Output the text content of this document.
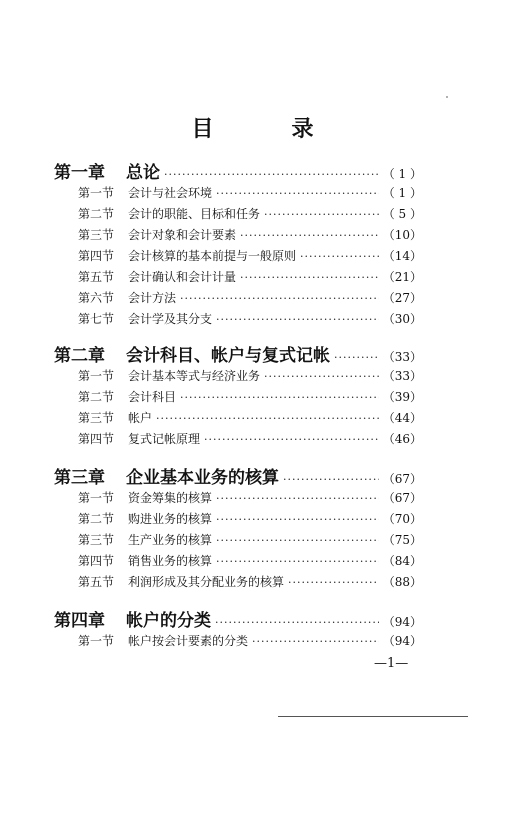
目　录
第一章	总论 ·····	（ 1 ）
第一节	会计与社会环境 ·····	（ 1 ）
第二节	会计的职能、目标和任务 ·····	（ 5 ）
第三节	会计对象和会计要素 ·····	（10）
第四节	会计核算的基本前提与一般原则 ·····	（14）
第五节	会计确认和会计计量 ·····	（21）
第六节	会计方法 ·····	（27）
第七节	会计学及其分支 ·····	（30）
第二章	会计科目、帐户与复式记帐 ·····	（33）
第一节	会计基本等式与经济业务 ·····	（33）
第二节	会计科目 ·····	（39）
第三节	帐户 ·····	（44）
第四节	复式记帐原理 ·····	（46）
第三章	企业基本业务的核算 ·····	（67）
第一节	资金筹集的核算 ·····	（67）
第二节	购进业务的核算 ·····	（70）
第三节	生产业务的核算 ·····	（75）
第四节	销售业务的核算 ·····	（84）
第五节	利润形成及其分配业务的核算 ·····	（88）
第四章	帐户的分类 ·····	（94）
第一节	帐户按会计要素的分类 ·····	（94）
—1—
